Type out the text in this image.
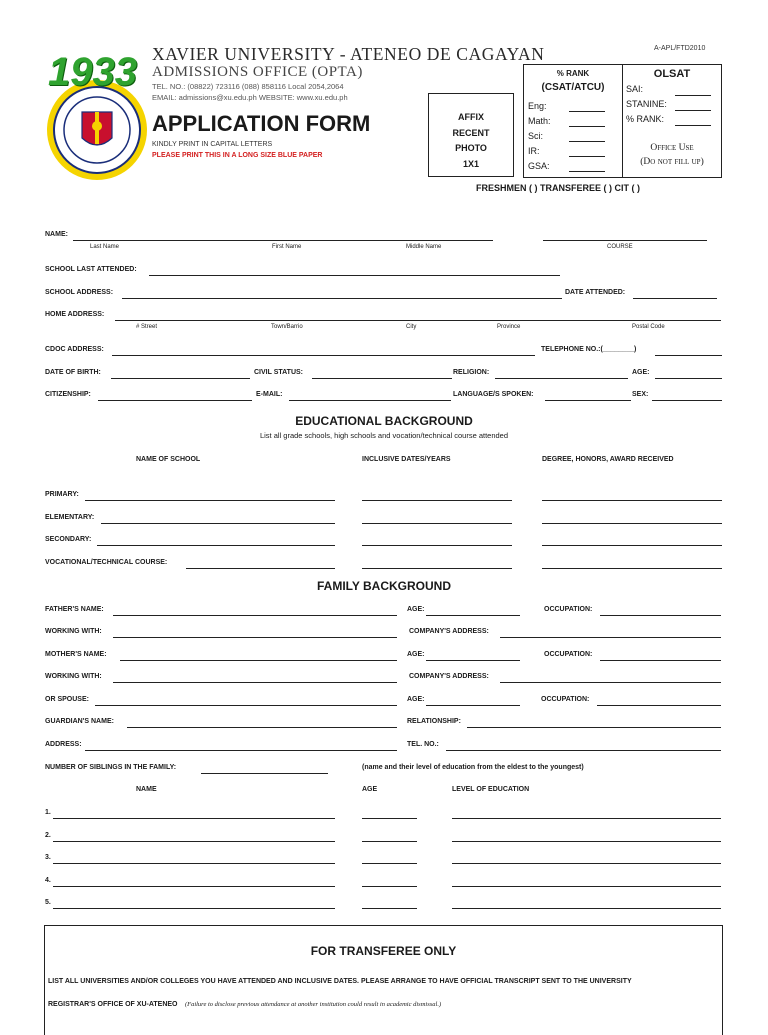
1933 XAVIER UNIVERSITY - ATENEO DE CAGAYAN
ADMISSIONS OFFICE (OPTA)
TEL. NO.: (08822) 723116 (088) 858116 Local 2054,2064
EMAIL: admissions@xu.edu.ph WEBSITE: www.xu.edu.ph
APPLICATION FORM
KINDLY PRINT IN CAPITAL LETTERS
PLEASE PRINT THIS IN A LONG SIZE BLUE PAPER
A-APL/FTD2010
AFFIX
RECENT
PHOTO
1X1
% RANK
(CSAT/ATCU)
Eng:
Math:
Sci:
IR:
GSA:
OLSAT
SAI:
STANINE:
% RANK:
Office Use
(Do not fill up)
FRESHMEN ( ) TRANSFEREE ( ) CIT ( )
NAME:
Last Name	First Name	Middle Name	COURSE
SCHOOL LAST ATTENDED:
SCHOOL ADDRESS:	DATE ATTENDED:
HOME ADDRESS:
# Street	Town/Barrio	City	Province	Postal Code
CDOC ADDRESS:	TELEPHONE NO.:(________)
DATE OF BIRTH:	CIVIL STATUS:	RELIGION:	AGE:
CITIZENSHIP:	E-MAIL:	LANGUAGE/S SPOKEN:	SEX:
EDUCATIONAL BACKGROUND
List all grade schools, high schools and vocation/technical course attended
NAME OF SCHOOL	INCLUSIVE DATES/YEARS	DEGREE, HONORS, AWARD RECEIVED
PRIMARY:
ELEMENTARY:
SECONDARY:
VOCATIONAL/TECHNICAL COURSE:
FAMILY BACKGROUND
FATHER'S NAME:	AGE:	OCCUPATION:
WORKING WITH:	COMPANY'S ADDRESS:
MOTHER'S NAME:	AGE:	OCCUPATION:
WORKING WITH:	COMPANY'S ADDRESS:
OR SPOUSE:	AGE:	OCCUPATION:
GUARDIAN'S NAME:	RELATIONSHIP:
ADDRESS:	TEL. NO.:
NUMBER OF SIBLINGS IN THE FAMILY:	(name and their level of education from the eldest to the youngest)
NAME	AGE	LEVEL OF EDUCATION
1.
2.
3.
4.
5.
FOR TRANSFEREE ONLY
LIST ALL UNIVERSITIES AND/OR COLLEGES YOU HAVE ATTENDED AND INCLUSIVE DATES. PLEASE ARRANGE TO HAVE OFFICIAL TRANSCRIPT SENT TO THE UNIVERSITY
REGISTRAR'S OFFICE OF XU-ATENEO (Failure to disclose previous attendance at another institution could result in academic dismissal.)
